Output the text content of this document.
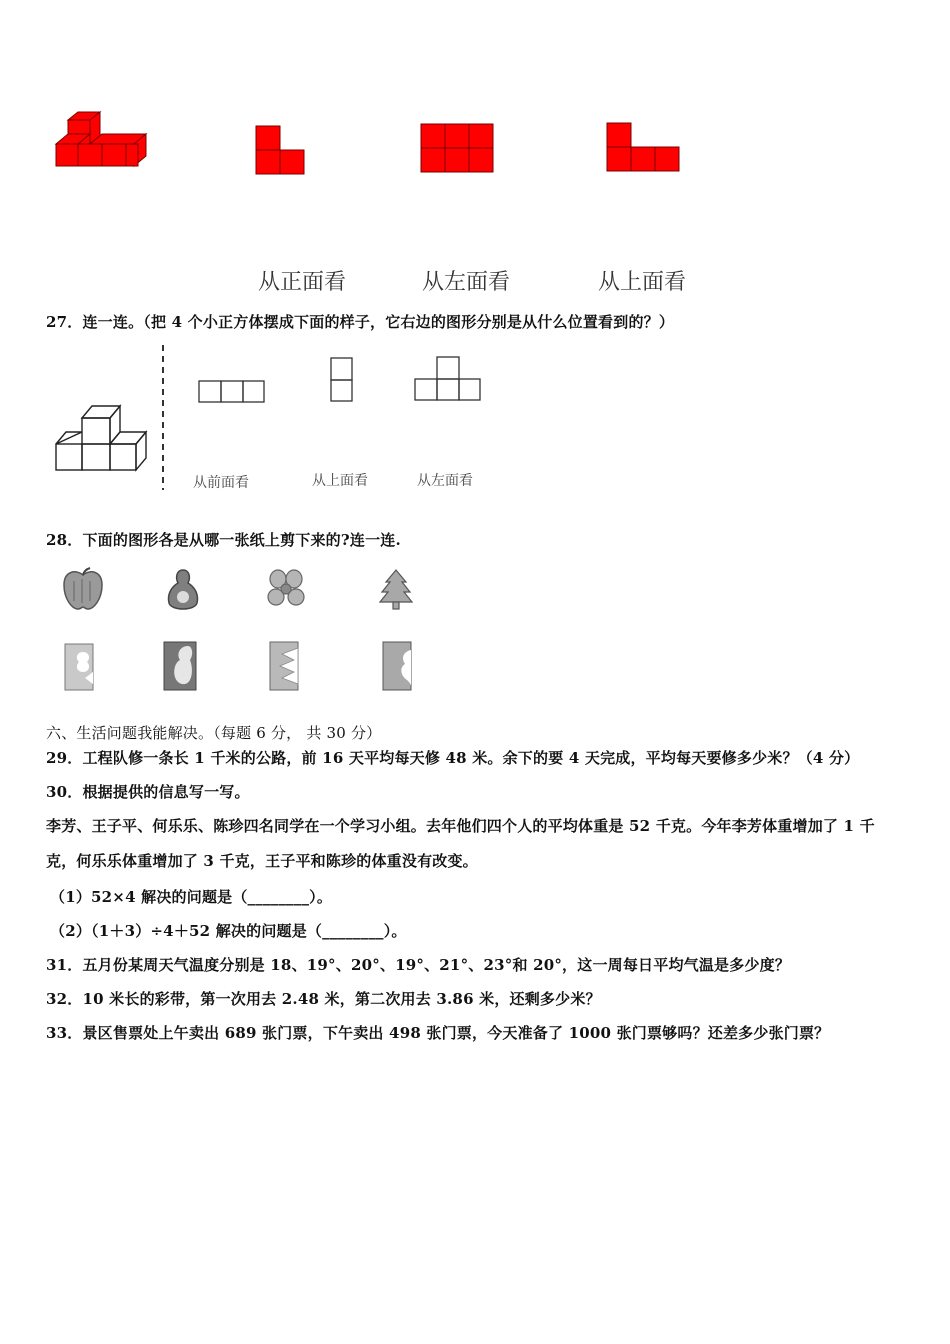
从正面看	从左面看	从上面看
27．连一连。（把 4 个小正方体摆成下面的样子，它右边的图形分别是从什么位置看到的？）
从前面看	从上面看	从左面看
28．下面的图形各是从哪一张纸上剪下来的?连一连.
六、生活问题我能解决。（每题 6 分， 共 30 分）
29．工程队修一条长 1 千米的公路，前 16 天平均每天修 48 米。余下的要 4 天完成，平均每天要修多少米？（4 分）
30．根据提供的信息写一写。
李芳、王子平、何乐乐、陈珍四名同学在一个学习小组。去年他们四个人的平均体重是 52 千克。今年李芳体重增加了 1 千
克，何乐乐体重增加了 3 千克，王子平和陈珍的体重没有改变。
（1）52×4 解决的问题是（________）。
（2）（1＋3）÷4＋52 解决的问题是（________）。
31．五月份某周天气温度分别是 18、19°、20°、19°、21°、23°和 20°，这一周每日平均气温是多少度？
32．10 米长的彩带，第一次用去 2.48 米，第二次用去 3.86 米，还剩多少米？
33．景区售票处上午卖出 689 张门票，下午卖出 498 张门票，今天准备了 1000 张门票够吗？还差多少张门票？
